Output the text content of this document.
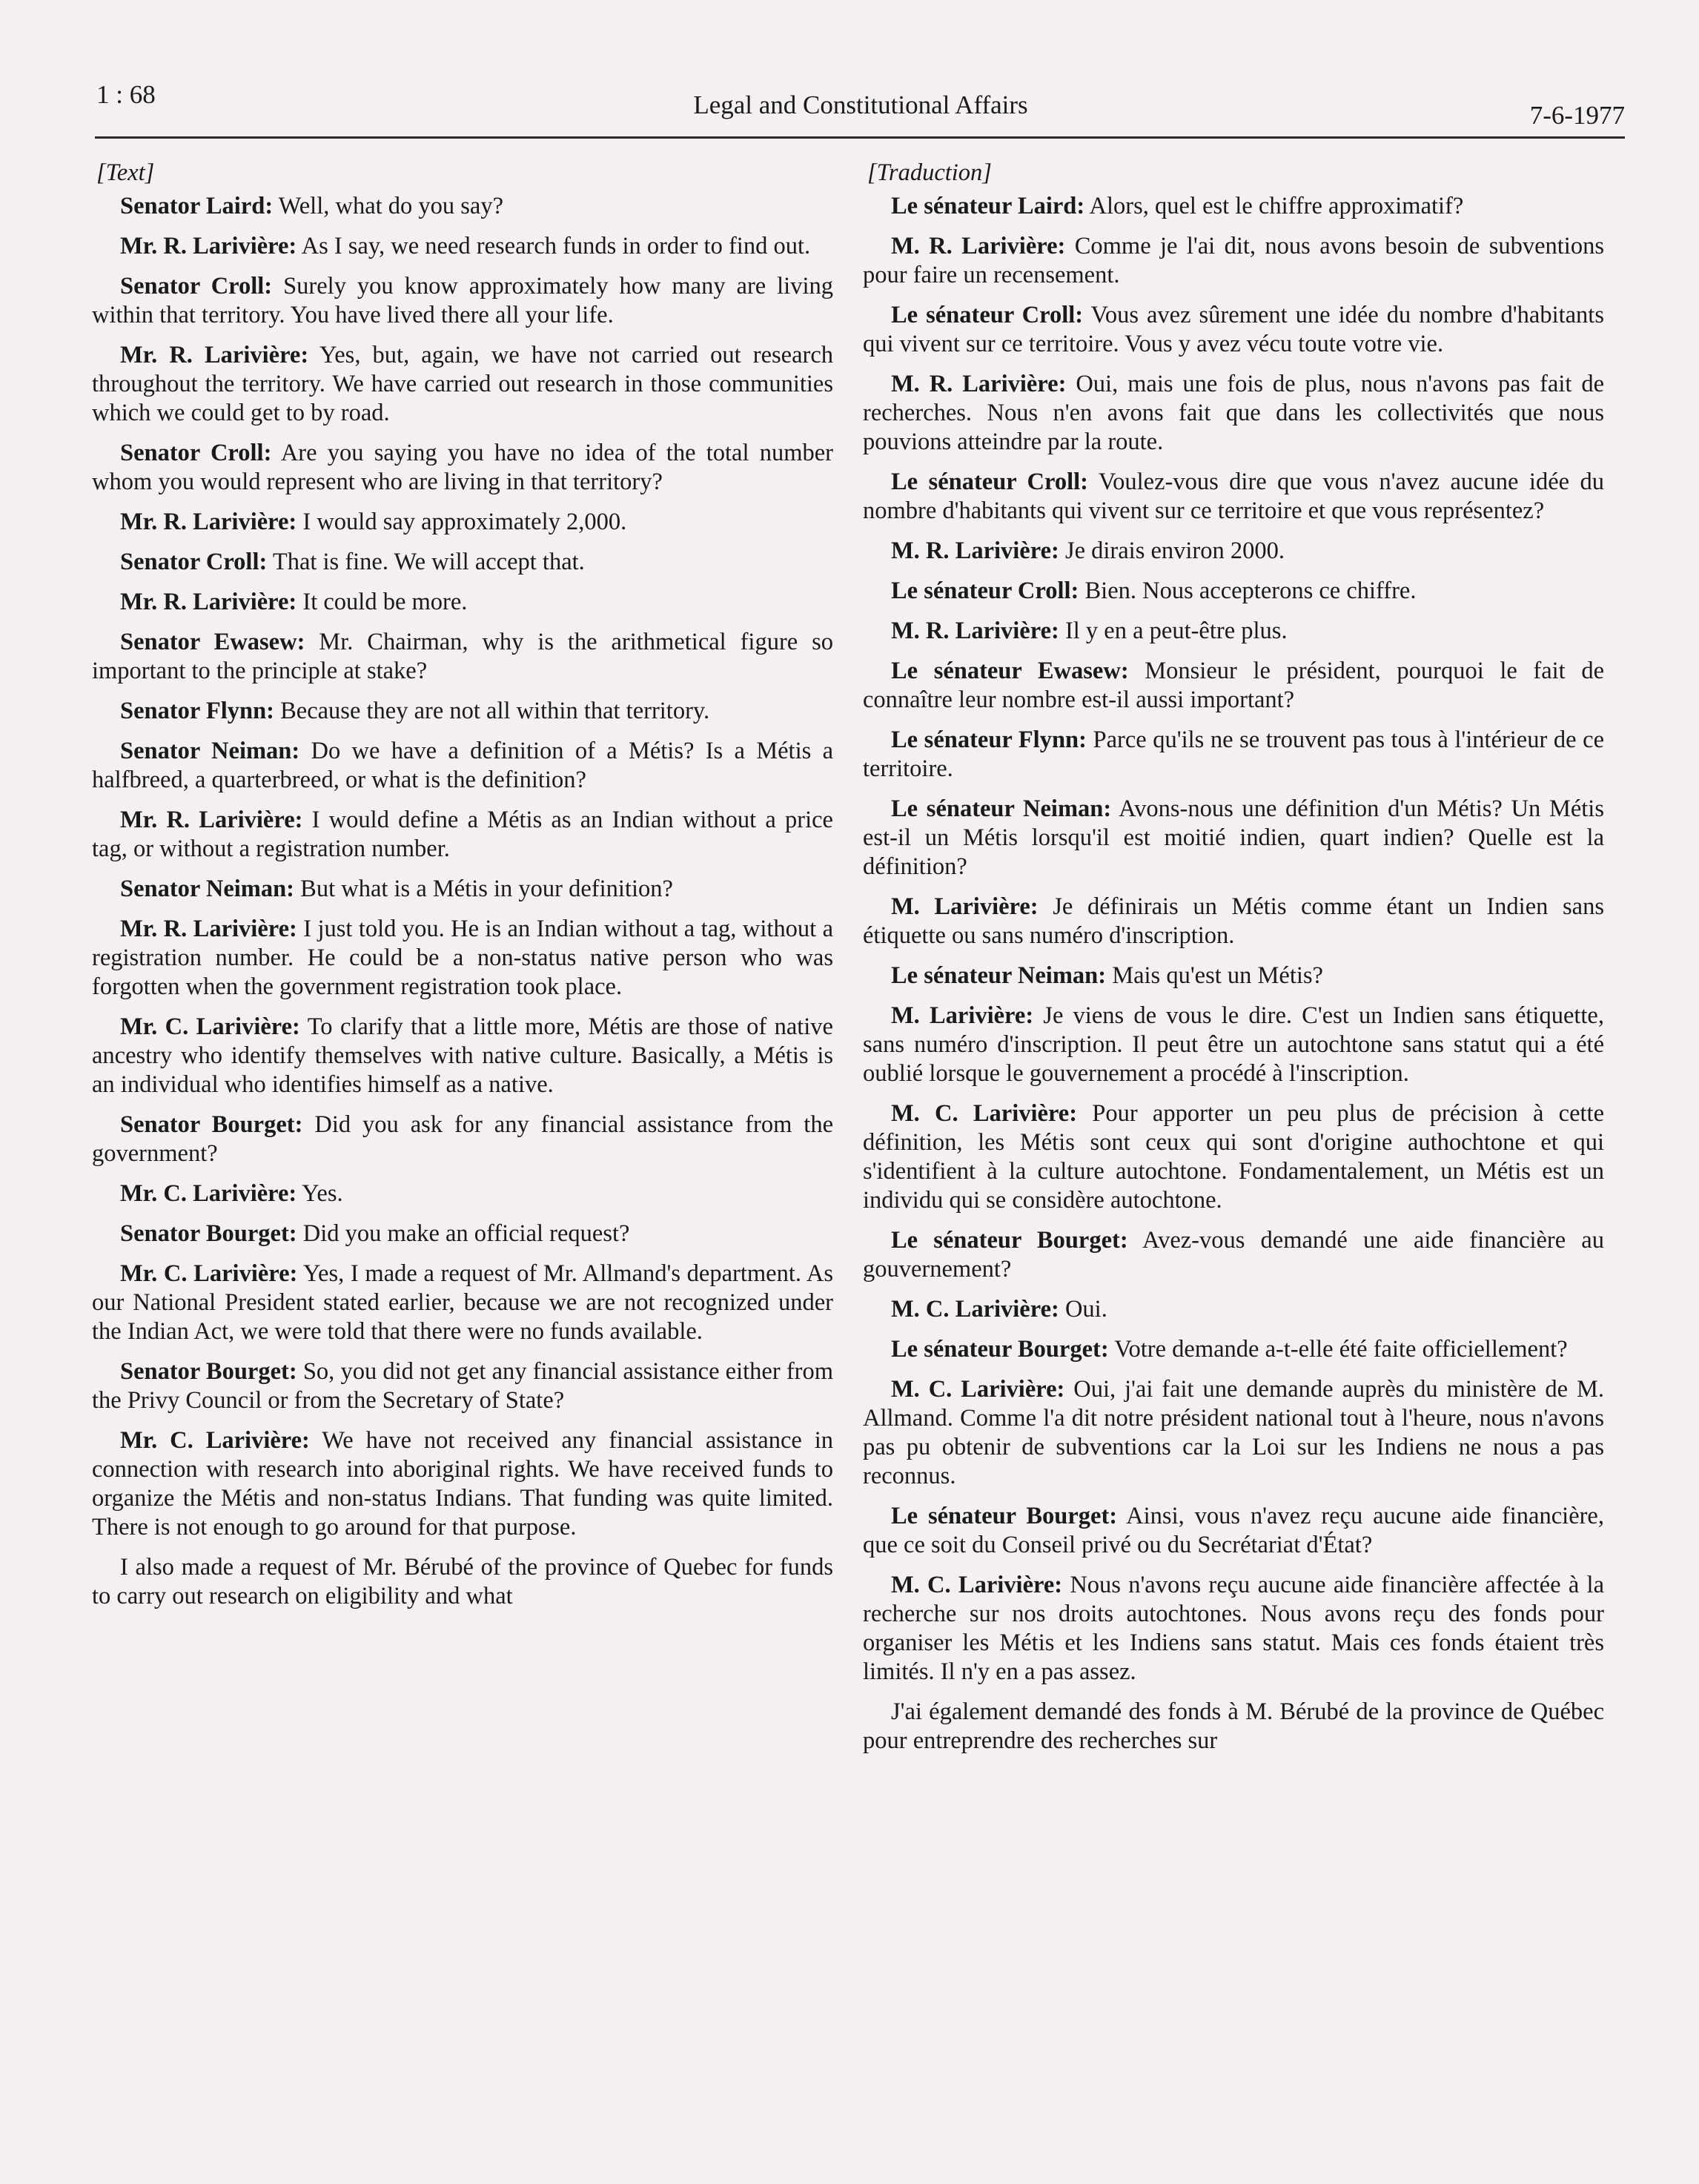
1 : 68	Legal and Constitutional Affairs	7-6-1977
[Text]

Senator Laird: Well, what do you say?

Mr. R. Larivière: As I say, we need research funds in order to find out.

Senator Croll: Surely you know approximately how many are living within that territory. You have lived there all your life.

Mr. R. Larivière: Yes, but, again, we have not carried out research throughout the territory. We have carried out research in those communities which we could get to by road.

Senator Croll: Are you saying you have no idea of the total number whom you would represent who are living in that territory?

Mr. R. Larivière: I would say approximately 2,000.

Senator Croll: That is fine. We will accept that.

Mr. R. Larivière: It could be more.

Senator Ewasew: Mr. Chairman, why is the arithmetical figure so important to the principle at stake?

Senator Flynn: Because they are not all within that territory.

Senator Neiman: Do we have a definition of a Métis? Is a Métis a halfbreed, a quarterbreed, or what is the definition?

Mr. R. Larivière: I would define a Métis as an Indian without a price tag, or without a registration number.

Senator Neiman: But what is a Métis in your definition?

Mr. R. Larivière: I just told you. He is an Indian without a tag, without a registration number. He could be a non-status native person who was forgotten when the government registration took place.

Mr. C. Larivière: To clarify that a little more, Métis are those of native ancestry who identify themselves with native culture. Basically, a Métis is an individual who identifies himself as a native.

Senator Bourget: Did you ask for any financial assistance from the government?

Mr. C. Larivière: Yes.

Senator Bourget: Did you make an official request?

Mr. C. Larivière: Yes, I made a request of Mr. Allmand's department. As our National President stated earlier, because we are not recognized under the Indian Act, we were told that there were no funds available.

Senator Bourget: So, you did not get any financial assistance either from the Privy Council or from the Secretary of State?

Mr. C. Larivière: We have not received any financial assistance in connection with research into aboriginal rights. We have received funds to organize the Métis and non-status Indians. That funding was quite limited. There is not enough to go around for that purpose.

I also made a request of Mr. Bérubé of the province of Quebec for funds to carry out research on eligibility and what

[Traduction]

Le sénateur Laird: Alors, quel est le chiffre approximatif?

M. R. Larivière: Comme je l'ai dit, nous avons besoin de subventions pour faire un recensement.

Le sénateur Croll: Vous avez sûrement une idée du nombre d'habitants qui vivent sur ce territoire. Vous y avez vécu toute votre vie.

M. R. Larivière: Oui, mais une fois de plus, nous n'avons pas fait de recherches. Nous n'en avons fait que dans les collectivités que nous pouvions atteindre par la route.

Le sénateur Croll: Voulez-vous dire que vous n'avez aucune idée du nombre d'habitants qui vivent sur ce territoire et que vous représentez?

M. R. Larivière: Je dirais environ 2000.

Le sénateur Croll: Bien. Nous accepterons ce chiffre.

M. R. Larivière: Il y en a peut-être plus.

Le sénateur Ewasew: Monsieur le président, pourquoi le fait de connaître leur nombre est-il aussi important?

Le sénateur Flynn: Parce qu'ils ne se trouvent pas tous à l'intérieur de ce territoire.

Le sénateur Neiman: Avons-nous une définition d'un Métis? Un Métis est-il un Métis lorsqu'il est moitié indien, quart indien? Quelle est la définition?

M. Larivière: Je définirais un Métis comme étant un Indien sans étiquette ou sans numéro d'inscription.

Le sénateur Neiman: Mais qu'est un Métis?

M. Larivière: Je viens de vous le dire. C'est un Indien sans étiquette, sans numéro d'inscription. Il peut être un autochtone sans statut qui a été oublié lorsque le gouvernement a procédé à l'inscription.

M. C. Larivière: Pour apporter un peu plus de précision à cette définition, les Métis sont ceux qui sont d'origine authochtone et qui s'identifient à la culture autochtone. Fondamentalement, un Métis est un individu qui se considère autochtone.

Le sénateur Bourget: Avez-vous demandé une aide financière au gouvernement?

M. C. Larivière: Oui.

Le sénateur Bourget: Votre demande a-t-elle été faite officiellement?

M. C. Larivière: Oui, j'ai fait une demande auprès du ministère de M. Allmand. Comme l'a dit notre président national tout à l'heure, nous n'avons pas pu obtenir de subventions car la Loi sur les Indiens ne nous a pas reconnus.

Le sénateur Bourget: Ainsi, vous n'avez reçu aucune aide financière, que ce soit du Conseil privé ou du Secrétariat d'État?

M. C. Larivière: Nous n'avons reçu aucune aide financière affectée à la recherche sur nos droits autochtones. Nous avons reçu des fonds pour organiser les Métis et les Indiens sans statut. Mais ces fonds étaient très limités. Il n'y en a pas assez.

J'ai également demandé des fonds à M. Bérubé de la province de Québec pour entreprendre des recherches sur
